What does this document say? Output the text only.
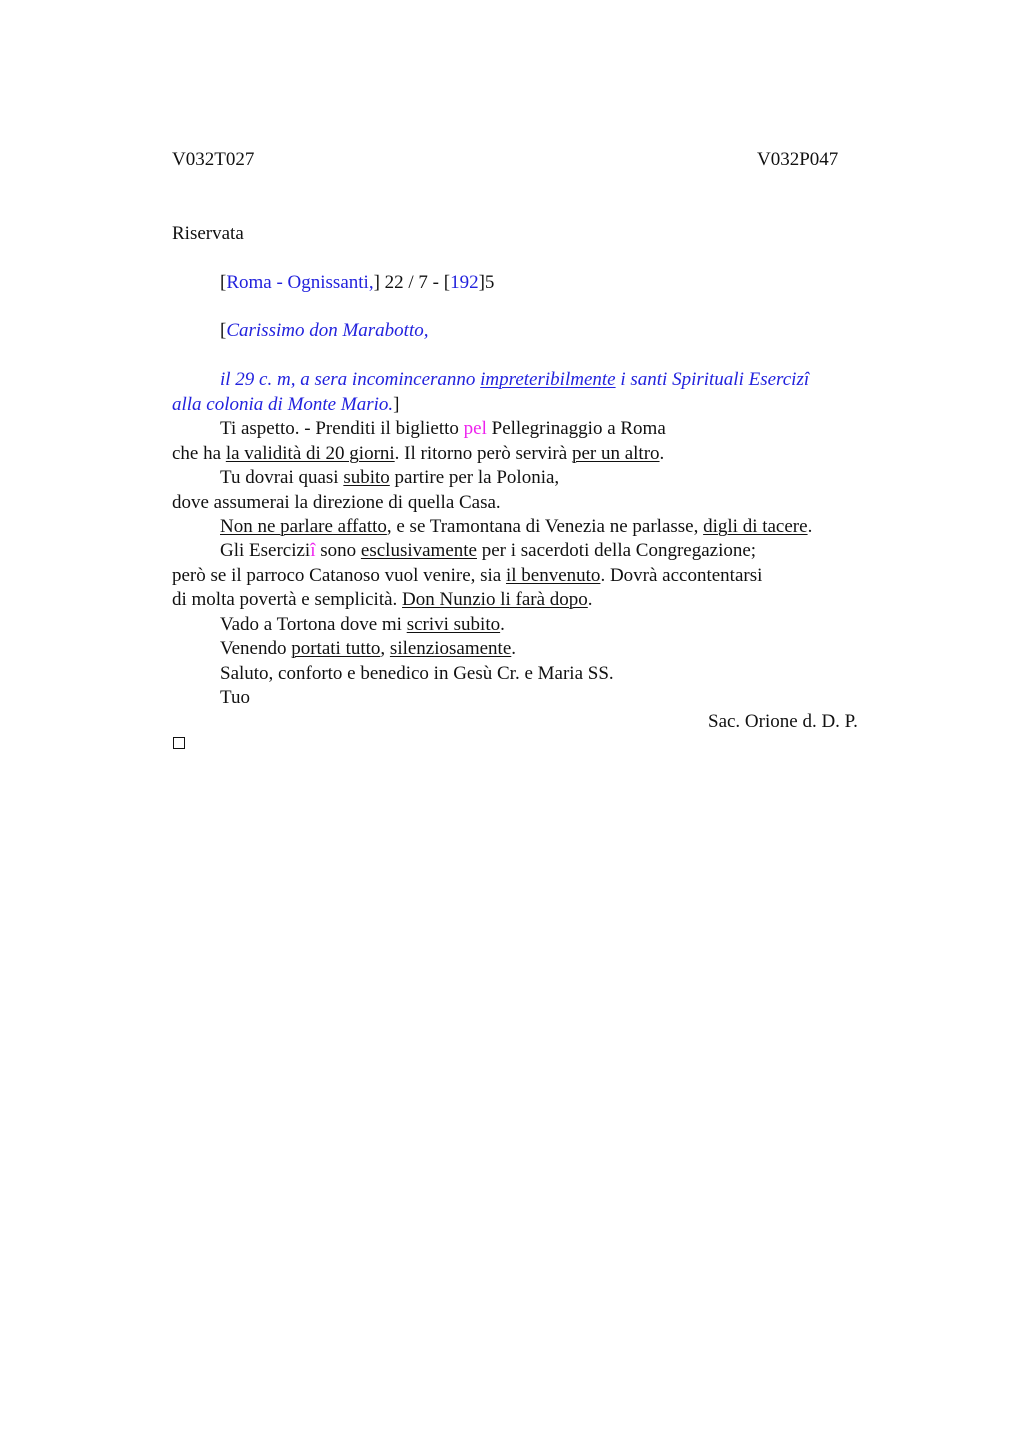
V032T027	V032P047
Riservata
[Roma - Ognissanti,] 22 / 7 - [192]5
[Carissimo don Marabotto,
il 29 c. m, a sera incominceranno impreteribilmente i santi Spirituali Esercizî
alla colonia di Monte Mario.]
Ti aspetto. - Prenditi il biglietto pel Pellegrinaggio a Roma
che ha la validità di 20 giorni. Il ritorno però servirà per un altro.
Tu dovrai quasi subito partire per la Polonia,
dove assumerai la direzione di quella Casa.
Non ne parlare affatto, e se Tramontana di Venezia ne parlasse, digli di tacere.
Gli Eserciziî sono esclusivamente per i sacerdoti della Congregazione;
però se il parroco Catanoso vuol venire, sia il benvenuto. Dovrà accontentarsi
di molta povertà e semplicità. Don Nunzio li farà dopo.
Vado a Tortona dove mi scrivi subito.
Venendo portati tutto, silenziosamente.
Saluto, conforto e benedico in Gesù Cr. e Maria SS.
Tuo
Sac. Orione d. D. P.
